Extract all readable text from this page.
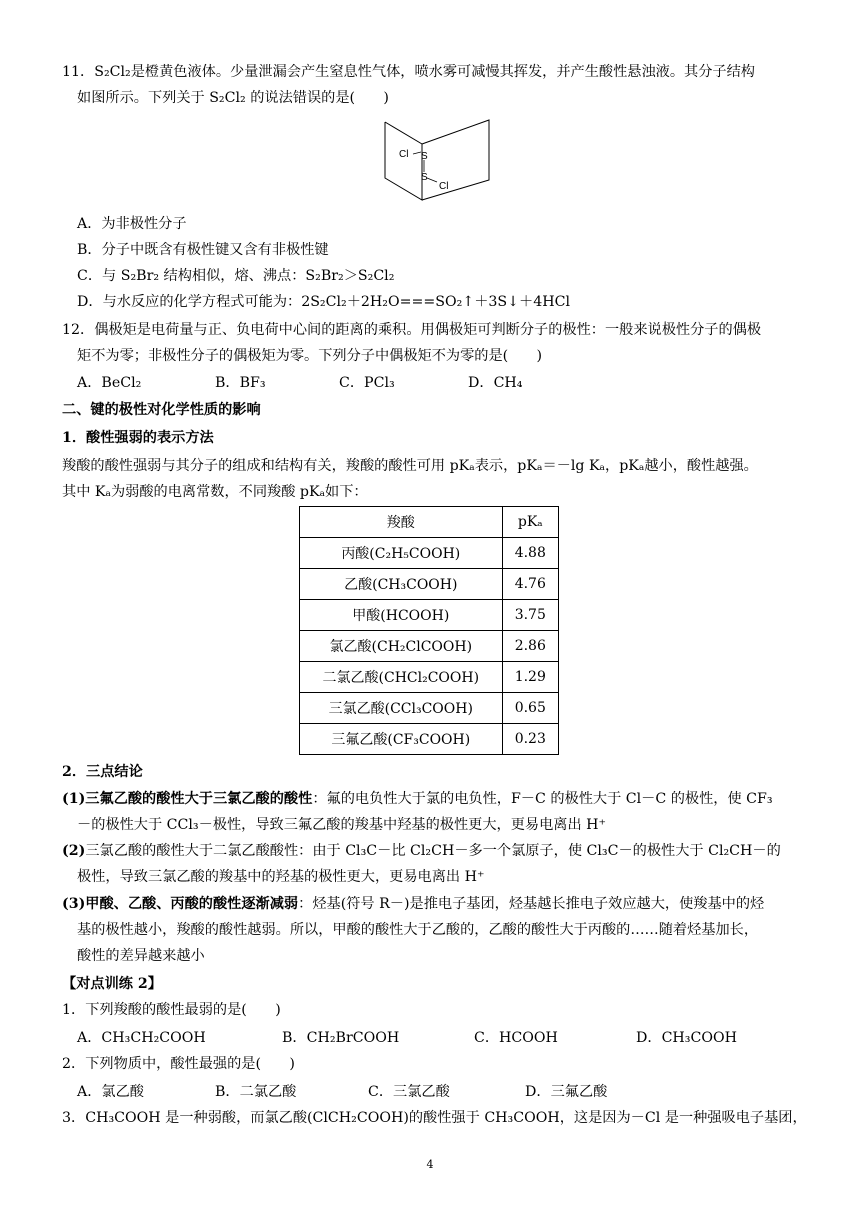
11．S₂Cl₂是橙黄色液体。少量泄漏会产生窒息性气体，喷水雾可减慢其挥发，并产生酸性悬浊液。其分子结构
如图所示。下列关于 S₂Cl₂ 的说法错误的是(　　)
Cl S
S
Cl
A．为非极性分子
B．分子中既含有极性键又含有非极性键
C．与 S₂Br₂ 结构相似，熔、沸点：S₂Br₂＞S₂Cl₂
D．与水反应的化学方程式可能为：2S₂Cl₂＋2H₂O===SO₂↑＋3S↓＋4HCl
12．偶极矩是电荷量与正、负电荷中心间的距离的乘积。用偶极矩可判断分子的极性：一般来说极性分子的偶极
矩不为零；非极性分子的偶极矩为零。下列分子中偶极矩不为零的是(　　)
A．BeCl₂	B．BF₃	C．PCl₃	D．CH₄
二、键的极性对化学性质的影响
1．酸性强弱的表示方法
羧酸的酸性强弱与其分子的组成和结构有关，羧酸的酸性可用 pKₐ表示，pKₐ＝－lg Kₐ，pKₐ越小，酸性越强。
其中 Kₐ为弱酸的电离常数，不同羧酸 pKₐ如下：
羧酸	pKₐ
丙酸(C₂H₅COOH)	4.88
乙酸(CH₃COOH)	4.76
甲酸(HCOOH)	3.75
氯乙酸(CH₂ClCOOH)	2.86
二氯乙酸(CHCl₂COOH)	1.29
三氯乙酸(CCl₃COOH)	0.65
三氟乙酸(CF₃COOH)	0.23
2．三点结论
(1)三氟乙酸的酸性大于三氯乙酸的酸性：氟的电负性大于氯的电负性，F－C 的极性大于 Cl－C 的极性，使 CF₃
－的极性大于 CCl₃－极性，导致三氟乙酸的羧基中羟基的极性更大，更易电离出 H⁺
(2)三氯乙酸的酸性大于二氯乙酸酸性：由于 Cl₃C－比 Cl₂CH－多一个氯原子，使 Cl₃C－的极性大于 Cl₂CH－的
极性，导致三氯乙酸的羧基中的羟基的极性更大，更易电离出 H⁺
(3)甲酸、乙酸、丙酸的酸性逐渐减弱：烃基(符号 R－)是推电子基团，烃基越长推电子效应越大，使羧基中的烃
基的极性越小，羧酸的酸性越弱。所以，甲酸的酸性大于乙酸的，乙酸的酸性大于丙酸的……随着烃基加长，
酸性的差异越来越小
【对点训练 2】
1．下列羧酸的酸性最弱的是(　　)
A．CH₃CH₂COOH	B．CH₂BrCOOH	C．HCOOH	D．CH₃COOH
2．下列物质中，酸性最强的是(　　)
A．氯乙酸	B．二氯乙酸	C．三氯乙酸	D．三氟乙酸
3．CH₃COOH 是一种弱酸，而氯乙酸(ClCH₂COOH)的酸性强于 CH₃COOH，这是因为－Cl 是一种强吸电子基团，
4
